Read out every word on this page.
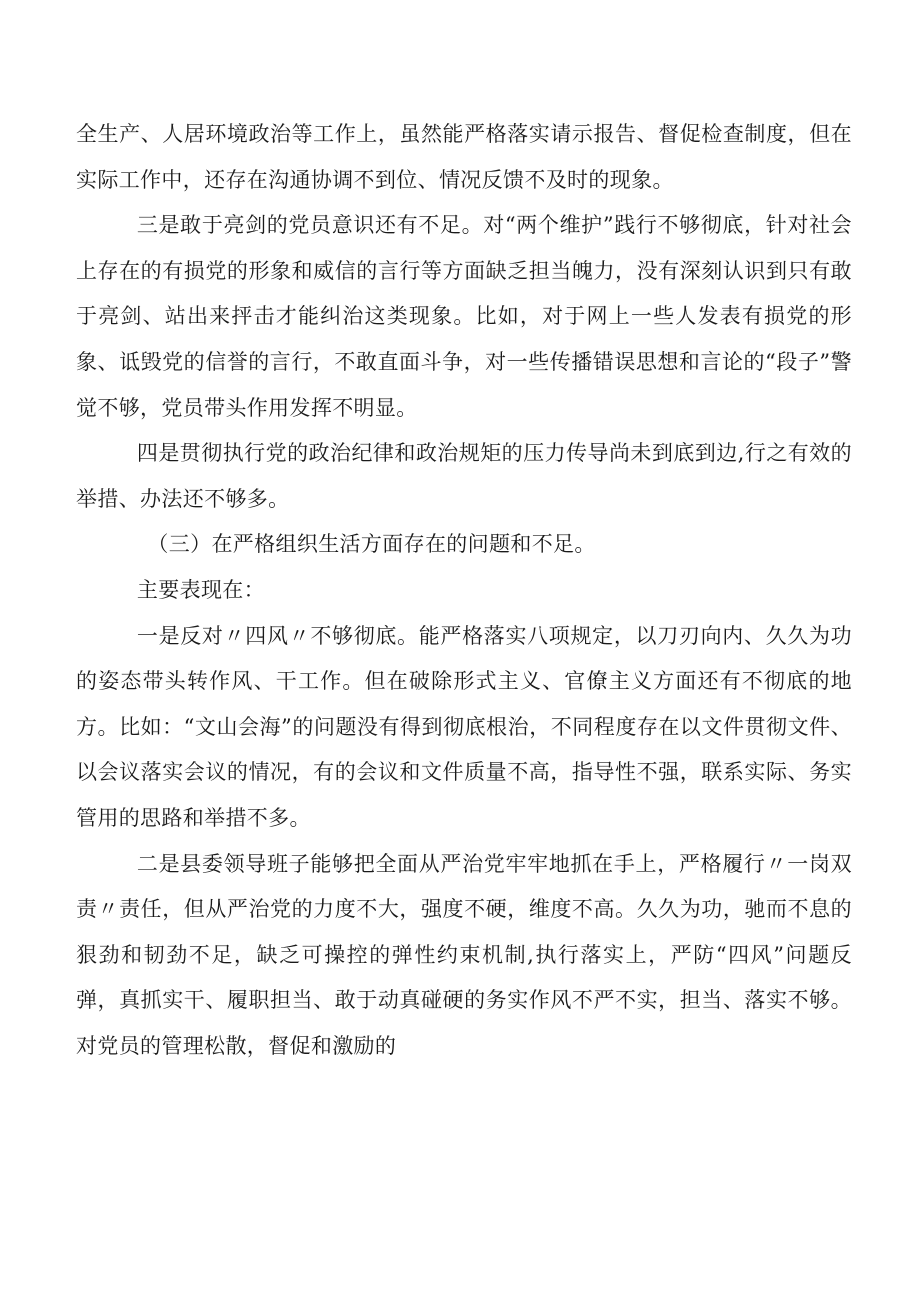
全生产、人居环境政治等工作上，虽然能严格落实请示报告、督促检查制度，但在实际工作中，还存在沟通协调不到位、情况反馈不及时的现象。

三是敢于亮剑的党员意识还有不足。对“两个维护”践行不够彻底，针对社会上存在的有损党的形象和威信的言行等方面缺乏担当魄力，没有深刻认识到只有敢于亮剑、站出来抨击才能纠治这类现象。比如，对于网上一些人发表有损党的形象、诋毁党的信誉的言行，不敢直面斗争，对一些传播错误思想和言论的“段子”警觉不够，党员带头作用发挥不明显。

四是贯彻执行党的政治纪律和政治规矩的压力传导尚未到底到边,行之有效的举措、办法还不够多。

（三）在严格组织生活方面存在的问题和不足。

主要表现在：

一是反对〃四风〃不够彻底。能严格落实八项规定，以刀刃向内、久久为功的姿态带头转作风、干工作。但在破除形式主义、官僚主义方面还有不彻底的地方。比如：“文山会海”的问题没有得到彻底根治，不同程度存在以文件贯彻文件、以会议落实会议的情况，有的会议和文件质量不高，指导性不强，联系实际、务实管用的思路和举措不多。

二是县委领导班子能够把全面从严治党牢牢地抓在手上，严格履行〃一岗双责〃责任，但从严治党的力度不大，强度不硬，维度不高。久久为功，驰而不息的狠劲和韧劲不足，缺乏可操控的弹性约束机制,执行落实上，严防“四风”问题反弹，真抓实干、履职担当、敢于动真碰硬的务实作风不严不实，担当、落实不够。对党员的管理松散，督促和激励的
